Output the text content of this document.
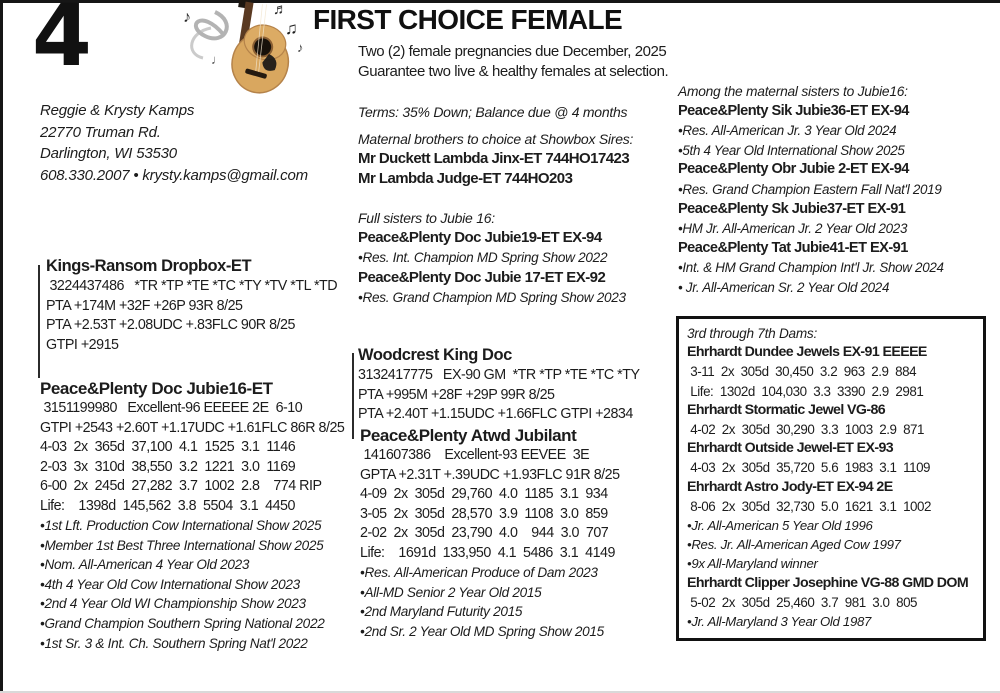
4	♪
♩
♬
♫
♪
FIRST CHOICE FEMALE
Two (2) female pregnancies due December, 2025
Guarantee two live & healthy females at selection.
Reggie & Krysty Kamps
22770 Truman Rd.
Darlington, WI 53530
608.330.2007 • krysty.kamps@gmail.com
Terms: 35% Down; Balance due @ 4 months
Maternal brothers to choice at Showbox Sires:
Mr Duckett Lambda Jinx-ET 744HO17423
Mr Lambda Judge-ET 744HO203
Full sisters to Jubie 16:
Peace&Plenty Doc Jubie19-ET EX-94
•Res. Int. Champion MD Spring Show 2022
Peace&Plenty Doc Jubie 17-ET EX-92
•Res. Grand Champion MD Spring Show 2023
Kings-Ransom Dropbox-ET
3224437486   *TR *TP *TE *TC *TY *TV *TL *TD
PTA +174M +32F +26P 93R 8/25
PTA +2.53T +2.08UDC +.83FLC 90R 8/25
GTPI +2915
Peace&Plenty Doc Jubie16-ET
3151199980   Excellent-96 EEEEE 2E  6-10
GTPI +2543 +2.60T +1.17UDC +1.61FLC 86R 8/25
4-03  2x  365d  37,100  4.1  1525  3.1  1146
2-03  3x  310d  38,550  3.2  1221  3.0  1169
6-00  2x  245d  27,282  3.7  1002  2.8    774 RIP
Life:    1398d  145,562  3.8  5504  3.1  4450
•1st Lft. Production Cow International Show 2025
•Member 1st Best Three International Show 2025
•Nom. All-American 4 Year Old 2023
•4th 4 Year Old Cow International Show 2023
•2nd 4 Year Old WI Championship Show 2023
•Grand Champion Southern Spring National 2022
•1st Sr. 3 & Int. Ch. Southern Spring Nat'l 2022
Woodcrest King Doc
3132417775   EX-90 GM  *TR *TP *TE *TC *TY
PTA +995M +28F +29P 99R 8/25
PTA +2.40T +1.15UDC +1.66FLC GTPI +2834
Peace&Plenty Atwd Jubilant
141607386    Excellent-93 EEVEE  3E
GPTA +2.31T +.39UDC +1.93FLC 91R 8/25
4-09  2x  305d  29,760  4.0  1185  3.1  934
3-05  2x  305d  28,570  3.9  1108  3.0  859
2-02  2x  305d  23,790  4.0    944  3.0  707
Life:    1691d  133,950  4.1  5486  3.1  4149
•Res. All-American Produce of Dam 2023
•All-MD Senior 2 Year Old 2015
•2nd Maryland Futurity 2015
•2nd Sr. 2 Year Old MD Spring Show 2015
Among the maternal sisters to Jubie16:
Peace&Plenty Sik Jubie36-ET EX-94
•Res. All-American Jr. 3 Year Old 2024
•5th 4 Year Old International Show 2025
Peace&Plenty Obr Jubie 2-ET EX-94
•Res. Grand Champion Eastern Fall Nat'l 2019
Peace&Plenty Sk Jubie37-ET EX-91
•HM Jr. All-American Jr. 2 Year Old 2023
Peace&Plenty Tat Jubie41-ET EX-91
•Int. & HM Grand Champion Int'l Jr. Show 2024
• Jr. All-American Sr. 2 Year Old 2024
3rd through 7th Dams:
Ehrhardt Dundee Jewels EX-91 EEEEE
3-11  2x  305d  30,450  3.2  963  2.9  884
Life:  1302d  104,030  3.3  3390  2.9  2981
Ehrhardt Stormatic Jewel VG-86
4-02  2x  305d  30,290  3.3  1003  2.9  871
Ehrhardt Outside Jewel-ET EX-93
4-03  2x  305d  35,720  5.6  1983  3.1  1109
Ehrhardt Astro Jody-ET EX-94 2E
8-06  2x  305d  32,730  5.0  1621  3.1  1002
•Jr. All-American 5 Year Old 1996
•Res. Jr. All-American Aged Cow 1997
•9x All-Maryland winner
Ehrhardt Clipper Josephine VG-88 GMD DOM
5-02  2x  305d  25,460  3.7  981  3.0  805
•Jr. All-Maryland 3 Year Old 1987
